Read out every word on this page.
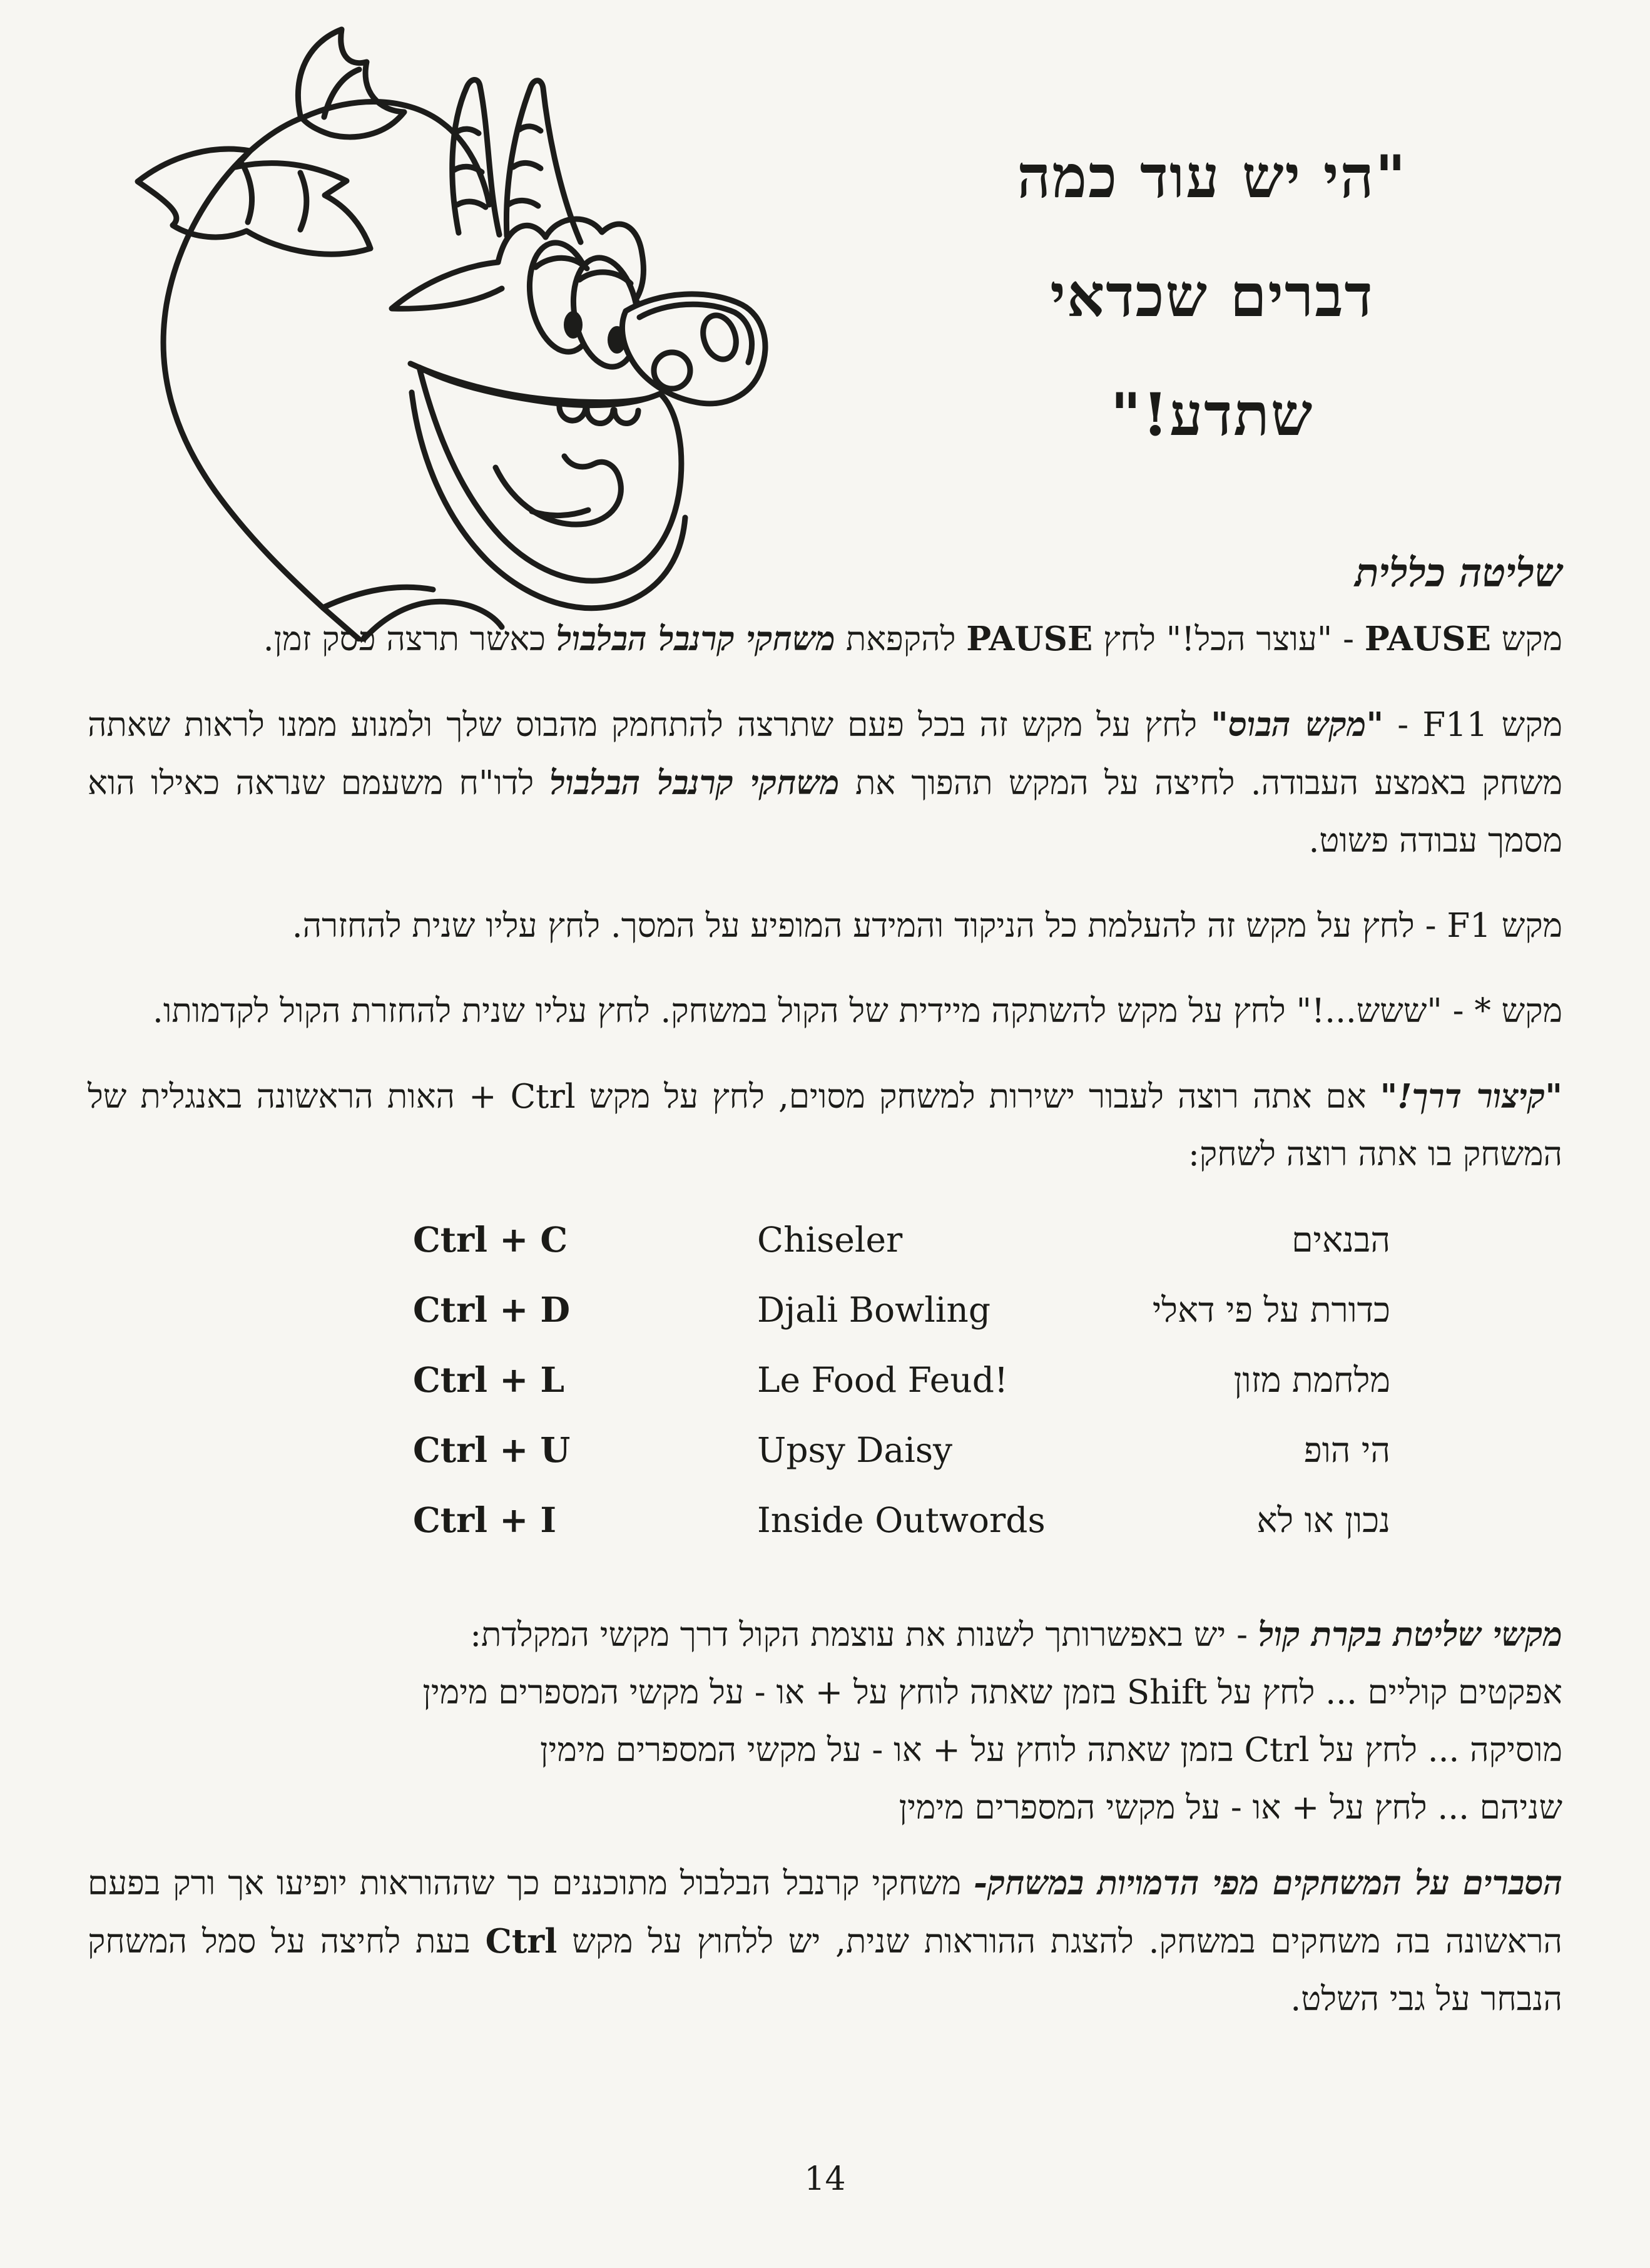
"הי יש עוד כמה
דברים שכדאי
שתדע!"
שליטה כללית

מקש PAUSE - "עוצר הכל!" לחץ PAUSE להקפאת משחקי קרנבל הבלבול כאשר תרצה פסק זמן.

מקש F11 - "מקש הבוס" לחץ על מקש זה בכל פעם שתרצה להתחמק מהבוס שלך ולמנוע ממנו לראות שאתה משחק באמצע העבודה. לחיצה על המקש תהפוך את משחקי קרנבל הבלבול לדו"ח משעמם שנראה כאילו הוא מסמך עבודה פשוט.

מקש F1 - לחץ על מקש זה להעלמת כל הניקוד והמידע המופיע על המסך. לחץ עליו שנית להחזרה.

מקש * - "ששש...!" לחץ על מקש להשתקה מיידית של הקול במשחק. לחץ עליו שנית להחזרת הקול לקדמותו.

"קיצור דרך!" אם אתה רוצה לעבור ישירות למשחק מסוים, לחץ על מקש Ctrl + האות הראשונה באנגלית של המשחק בו אתה רוצה לשחק:

Ctrl + C	Chiseler	הבנאים
Ctrl + D	Djali Bowling	כדורת על פי דאלי
Ctrl + L	Le Food Feud!	מלחמת מזון
Ctrl + U	Upsy Daisy	הי הופ
Ctrl + I	Inside Outwords	נכון או לא

מקשי שליטת בקרת קול - יש באפשרותך לשנות את עוצמת הקול דרך מקשי המקלדת:

אפקטים קוליים ... לחץ על Shift בזמן שאתה לוחץ על + או - על מקשי המספרים מימין

מוסיקה ... לחץ על Ctrl בזמן שאתה לוחץ על + או - על מקשי המספרים מימין

שניהם ... לחץ על + או - על מקשי המספרים מימין

הסברים על המשחקים מפי הדמויות במשחק- משחקי קרנבל הבלבול מתוכננים כך שההוראות יופיעו אך ורק בפעם הראשונה בה משחקים במשחק. להצגת ההוראות שנית, יש ללחוץ על מקש Ctrl בעת לחיצה על סמל המשחק הנבחר על גבי השלט.

14
